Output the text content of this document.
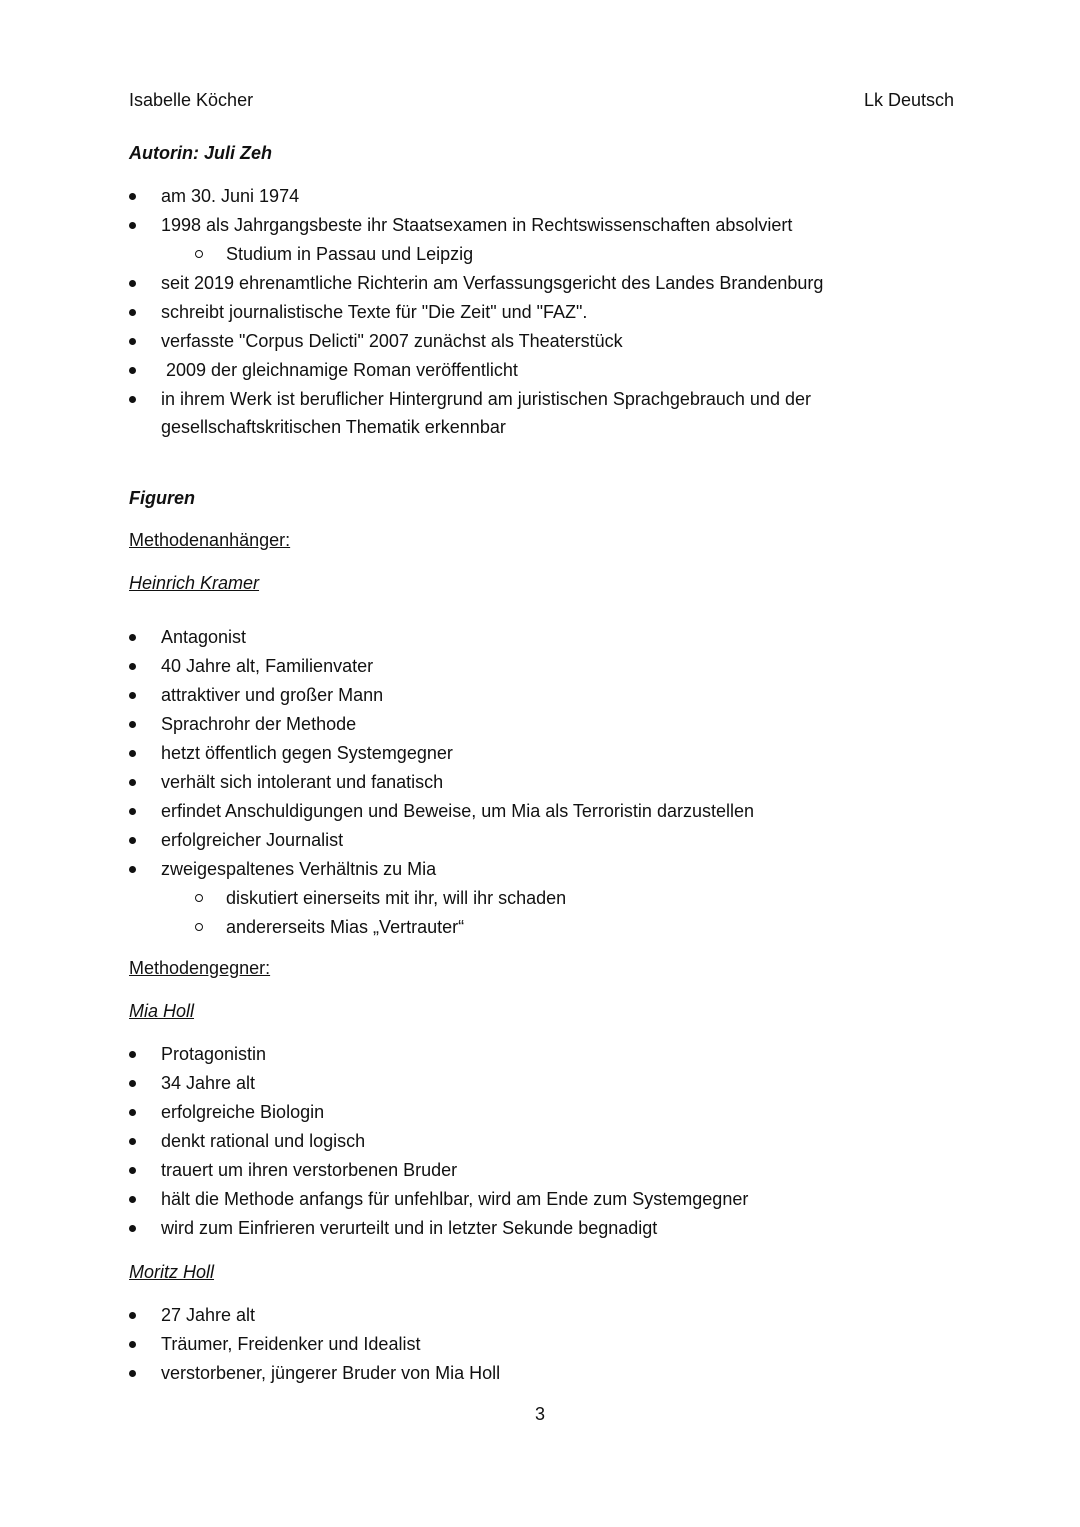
Isabelle Köcher	Lk Deutsch
Autorin: Juli Zeh
am 30. Juni 1974
1998 als Jahrgangsbeste ihr Staatsexamen in Rechtswissenschaften absolviert
Studium in Passau und Leipzig
seit 2019 ehrenamtliche Richterin am Verfassungsgericht des Landes Brandenburg
schreibt journalistische Texte für "Die Zeit" und "FAZ".
verfasste "Corpus Delicti" 2007 zunächst als Theaterstück
2009 der gleichnamige Roman veröffentlicht
in ihrem Werk ist beruflicher Hintergrund am juristischen Sprachgebrauch und der gesellschaftskritischen Thematik erkennbar
Figuren
Methodenanhänger:
Heinrich Kramer
Antagonist
40 Jahre alt, Familienvater
attraktiver und großer Mann
Sprachrohr der Methode
hetzt öffentlich gegen Systemgegner
verhält sich intolerant und fanatisch
erfindet Anschuldigungen und Beweise, um Mia als Terroristin darzustellen
erfolgreicher Journalist
zweigespaltenes Verhältnis zu Mia
diskutiert einerseits mit ihr, will ihr schaden
andererseits Mias „Vertrauter“
Methodengegner:
Mia Holl
Protagonistin
34 Jahre alt
erfolgreiche Biologin
denkt rational und logisch
trauert um ihren verstorbenen Bruder
hält die Methode anfangs für unfehlbar, wird am Ende zum Systemgegner
wird zum Einfrieren verurteilt und in letzter Sekunde begnadigt
Moritz Holl
27 Jahre alt
Träumer, Freidenker und Idealist
verstorbener, jüngerer Bruder von Mia Holl
3
